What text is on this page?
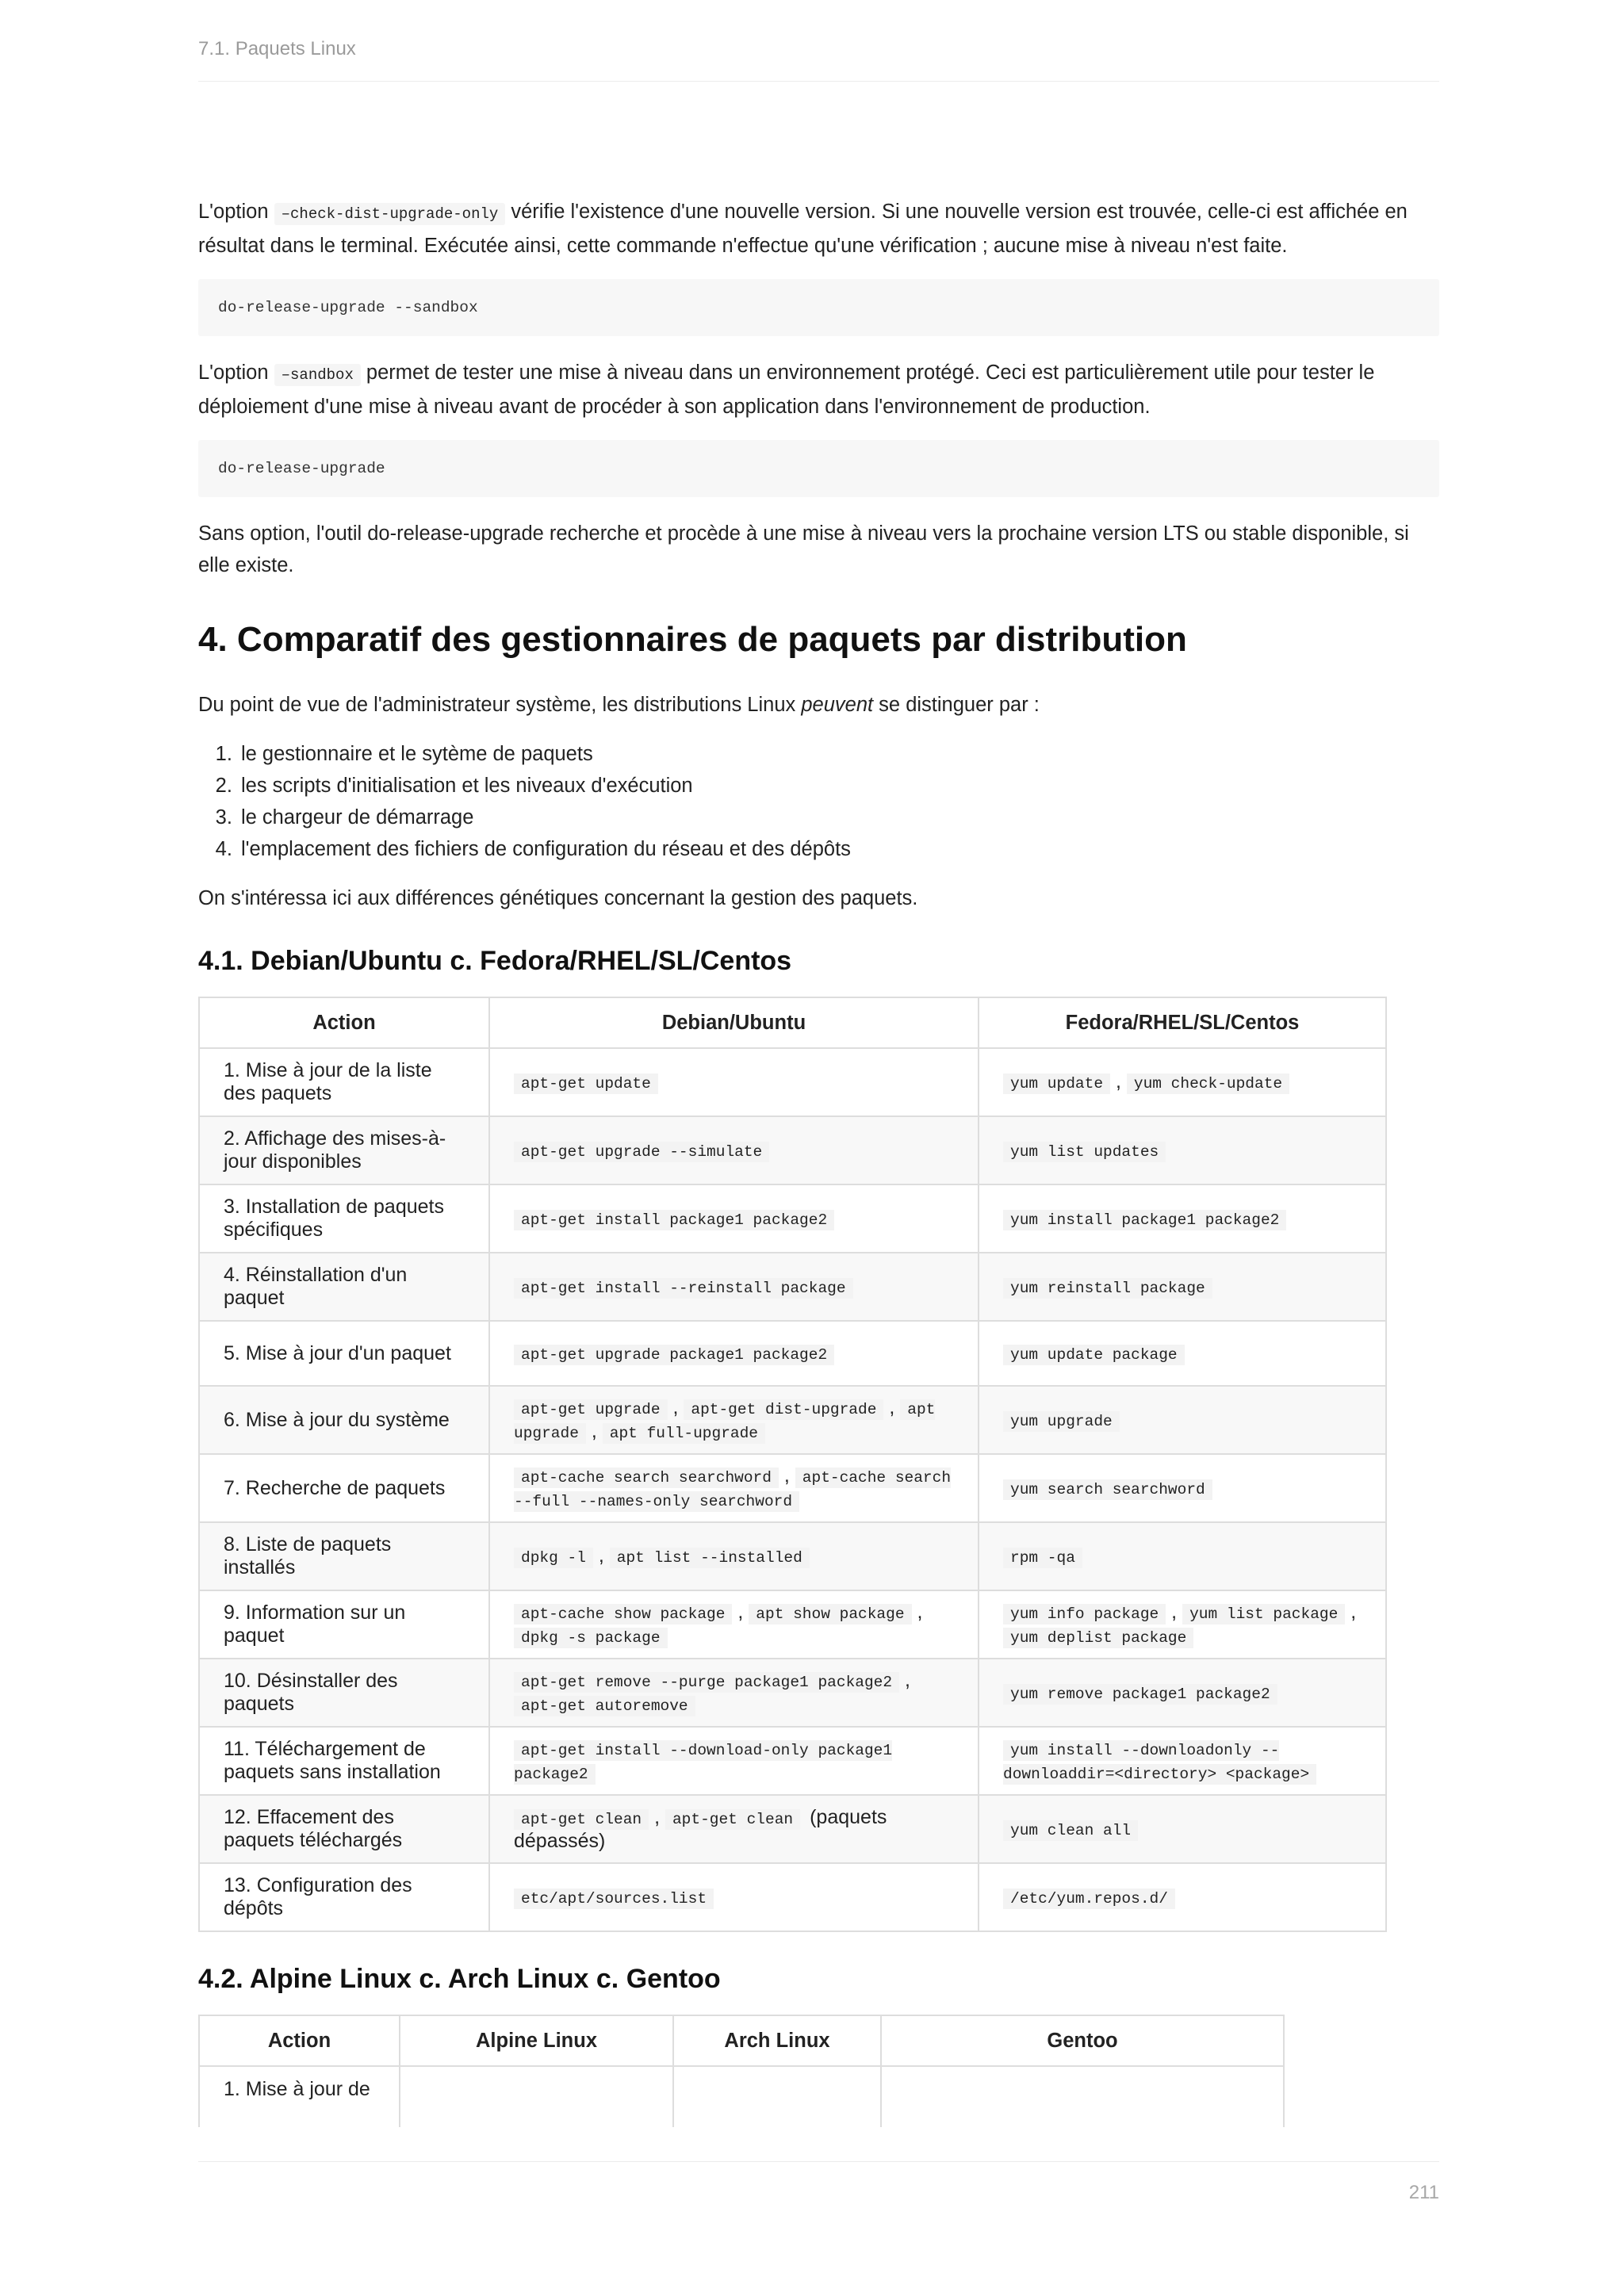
7.1. Paquets Linux

L'option –check-dist-upgrade-only vérifie l'existence d'une nouvelle version. Si une nouvelle version est trouvée, celle-ci est affichée en résultat dans le terminal. Exécutée ainsi, cette commande n'effectue qu'une vérification ; aucune mise à niveau n'est faite.

do-release-upgrade --sandbox

L'option –sandbox permet de tester une mise à niveau dans un environnement protégé. Ceci est particulièrement utile pour tester le déploiement d'une mise à niveau avant de procéder à son application dans l'environnement de production.

do-release-upgrade

Sans option, l'outil do-release-upgrade recherche et procède à une mise à niveau vers la prochaine version LTS ou stable disponible, si elle existe.

4. Comparatif des gestionnaires de paquets par distribution

Du point de vue de l'administrateur système, les distributions Linux peuvent se distinguer par :

1. le gestionnaire et le sytème de paquets
2. les scripts d'initialisation et les niveaux d'exécution
3. le chargeur de démarrage
4. l'emplacement des fichiers de configuration du réseau et des dépôts

On s'intéressa ici aux différences génétiques concernant la gestion des paquets.

4.1. Debian/Ubuntu c. Fedora/RHEL/SL/Centos
Action	Debian/Ubuntu	Fedora/RHEL/SL/Centos
1. Mise à jour de la liste des paquets	apt-get update	yum update , yum check-update
2. Affichage des mises-à-jour disponibles	apt-get upgrade --simulate	yum list updates
3. Installation de paquets spécifiques	apt-get install package1 package2	yum install package1 package2
4. Réinstallation d'un paquet	apt-get install --reinstall package	yum reinstall package
5. Mise à jour d'un paquet	apt-get upgrade package1 package2	yum update package
6. Mise à jour du système	apt-get upgrade , apt-get dist-upgrade , apt upgrade , apt full-upgrade	yum upgrade
7. Recherche de paquets	apt-cache search searchword , apt-cache search --full --names-only searchword	yum search searchword
8. Liste de paquets installés	dpkg -l , apt list --installed	rpm -qa
9. Information sur un paquet	apt-cache show package , apt show package , dpkg -s package	yum info package , yum list package , yum deplist package
10. Désinstaller des paquets	apt-get remove --purge package1 package2 , apt-get autoremove	yum remove package1 package2
11. Téléchargement de paquets sans installation	apt-get install --download-only package1 package2	yum install --downloadonly --downloaddir=<directory> <package>
12. Effacement des paquets téléchargés	apt-get clean , apt-get clean (paquets dépassés)	yum clean all
13. Configuration des dépôts	etc/apt/sources.list	/etc/yum.repos.d/
4.2. Alpine Linux c. Arch Linux c. Gentoo
Action	Alpine Linux	Arch Linux	Gentoo
1. Mise à jour de			
211
